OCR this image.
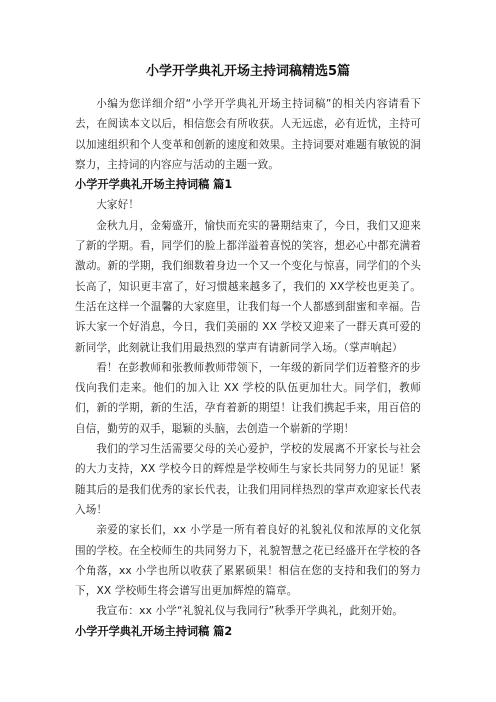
小学开学典礼开场主持词稿精选5篇

小编为您详细介绍“小学开学典礼开场主持词稿”的相关内容请看下去，在阅读本文以后，相信您会有所收获。人无远虑，必有近忧，主持可以加速组织和个人变革和创新的速度和效果。主持词要对难题有敏锐的洞察力，主持词的内容应与活动的主题一致。

小学开学典礼开场主持词稿 篇1

大家好！

金秋九月，金菊盛开，愉快而充实的暑期结束了，今日，我们又迎来了新的学期。看，同学们的脸上都洋溢着喜悦的笑容，想必心中都充满着激动。新的学期，我们细数着身边一个又一个变化与惊喜，同学们的个头长高了，知识更丰富了，好习惯越来越多了，我们的 XX学校也更美了。生活在这样一个温馨的大家庭里，让我们每一个人都感到甜蜜和幸福。告诉大家一个好消息，今日，我们美丽的 XX 学校又迎来了一群天真可爱的新同学，此刻就让我们用最热烈的掌声有请新同学入场。（掌声响起）

看！在彭教师和张教师教师带领下，一年级的新同学们迈着整齐的步伐向我们走来。他们的加入让 XX 学校的队伍更加壮大。同学们，教师们，新的学期，新的生活，孕育着新的期望！让我们携起手来，用百倍的自信，勤劳的双手，聪颖的头脑，去创造一个崭新的学期！

我们的学习生活需要父母的关心爱护，学校的发展离不开家长与社会的大力支持，XX 学校今日的辉煌是学校师生与家长共同努力的见证！紧随其后的是我们优秀的家长代表，让我们用同样热烈的掌声欢迎家长代表入场！

亲爱的家长们，xx 小学是一所有着良好的礼貌礼仪和浓厚的文化氛围的学校。在全校师生的共同努力下，礼貌智慧之花已经盛开在学校的各个角落，xx 小学也所以收获了累累硕果！相信在您的支持和我们的努力下，XX 学校师生将会谱写出更加辉煌的篇章。

我宣布：xx 小学“礼貌礼仪与我同行”秋季开学典礼，此刻开始。

小学开学典礼开场主持词稿 篇2
